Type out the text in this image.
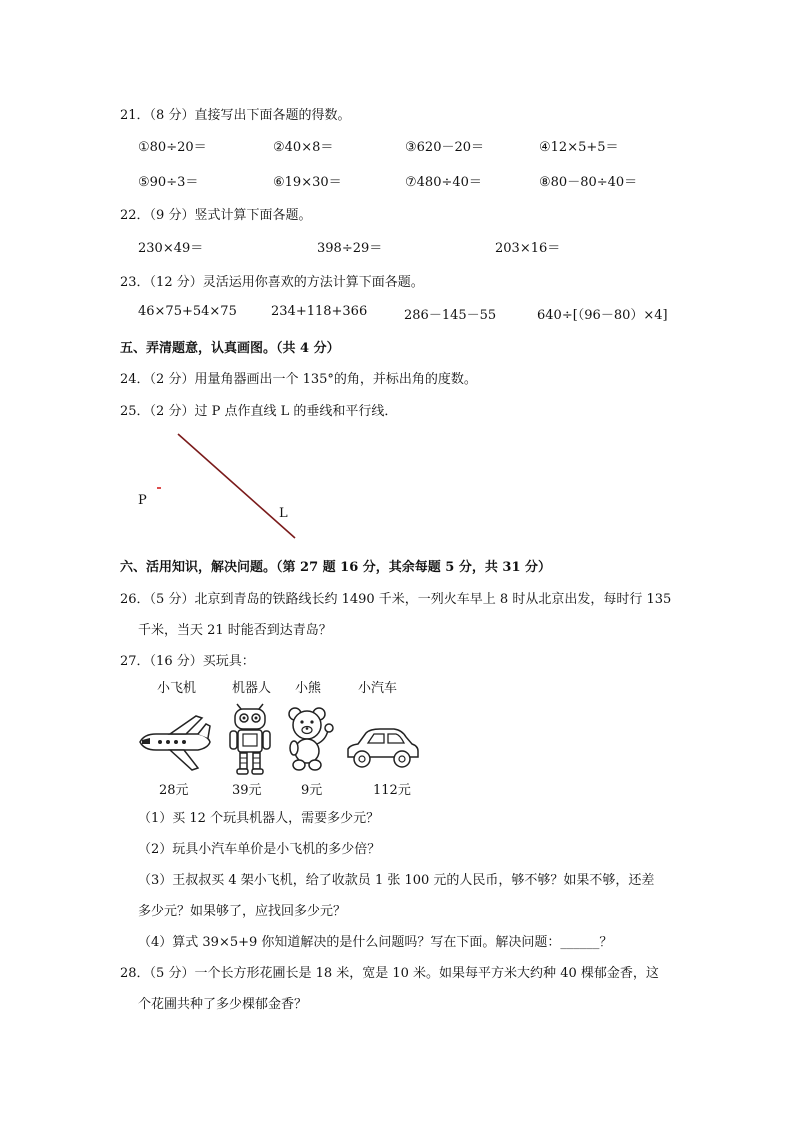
21．（8 分）直接写出下面各题的得数。
①80÷20＝	②40×8＝	③620－20＝	④12×5+5＝
⑤90÷3＝	⑥19×30＝	⑦480÷40＝	⑧80－80÷40＝
22．（9 分）竖式计算下面各题。
230×49＝	398÷29＝	203×16＝
23．（12 分）灵活运用你喜欢的方法计算下面各题。
46×75+54×75	234+118+366	286－145－55	640÷[（96－80）×4]
五、弄清题意，认真画图。（共 4 分）
24．（2 分）用量角器画出一个 135°的角，并标出角的度数。
25．（2 分）过 P 点作直线 L 的垂线和平行线．
P
L
六、活用知识，解决问题。（第 27 题 16 分，其余每题 5 分，共 31 分）
26．（5 分）北京到青岛的铁路线长约 1490 千米，一列火车早上 8 时从北京出发，每时行 135
千米，当天 21 时能否到达青岛？
27．（16 分）买玩具：
小飞机	机器人 小熊	小汽车
28元	39元	9元	112元
（1）买 12 个玩具机器人，需要多少元？
（2）玩具小汽车单价是小飞机的多少倍？
（3）王叔叔买 4 架小飞机，给了收款员 1 张 100 元的人民币，够不够？如果不够，还差
多少元？如果够了，应找回多少元？
（4）算式 39×5+9 你知道解决的是什么问题吗？写在下面。解决问题：______？
28．（5 分）一个长方形花圃长是 18 米，宽是 10 米。如果每平方米大约种 40 棵郁金香，这
个花圃共种了多少棵郁金香？
